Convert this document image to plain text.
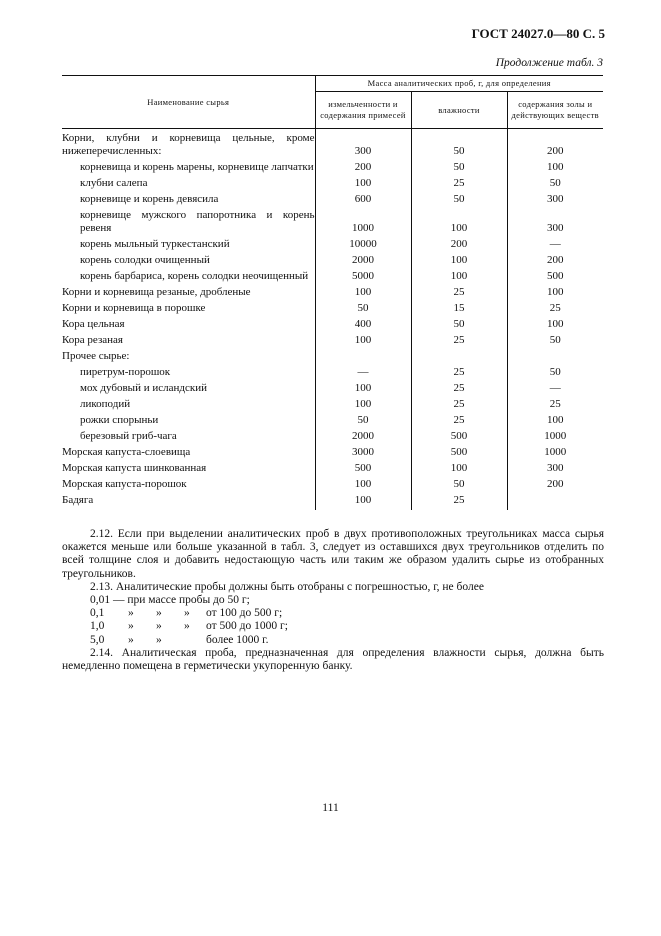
ГОСТ 24027.0—80 С. 5
Продолжение табл. 3
Наименование сырья	Масса аналитических проб, г, для определения		
	измельченности и содержания примесей	влажности	содержания золы и действующих веществ

Корни, клубни и корневища цельные, кроме нижеперечисленных:	300	50	200

корневища и корень марены, корневище лапчатки	200	50	100

клубни салепа	100	25	50

корневище и корень девясила	600	50	300

корневище мужского папоротника и корень ревеня	1000	100	300

корень мыльный туркестанский	10000	200	—

корень солодки очищенный	2000	100	200

корень барбариса, корень солодки неочищенный	5000	100	500

Корни и корневища резаные, дробленые	100	25	100

Корни и корневища в порошке	50	15	25

Кора цельная	400	50	100

Кора резаная	100	25	50

Прочее сырье:			

пиретрум-порошок	—	25	50

мох дубовый и исландский	100	25	—

ликоподий	100	25	25

рожки спорыньи	50	25	100

березовый гриб-чага	2000	500	1000

Морская капуста-слоевища	3000	500	1000

Морская капуста шинкованная	500	100	300

Морская капуста-порошок	100	50	200

Бадяга	100	25	

2.12. Если при выделении аналитических проб в двух противоположных треугольниках масса сырья окажется меньше или больше указанной в табл. 3, следует из оставшихся двух треугольников отделить по всей толщине слоя и добавить недостающую часть или таким же образом удалить сырье из отобранных треугольников.

2.13. Аналитические пробы должны быть отобраны с погрешностью, г, не более

0,01 — при массе пробы до 50 г;

0,1 » » » от 100 до 500 г;

1,0 » » » от 500 до 1000 г;

5,0 » »	более 1000 г.

2.14. Аналитическая проба, предназначенная для определения влажности сырья, должна быть немедленно помещена в герметически укупоренную банку.

111
